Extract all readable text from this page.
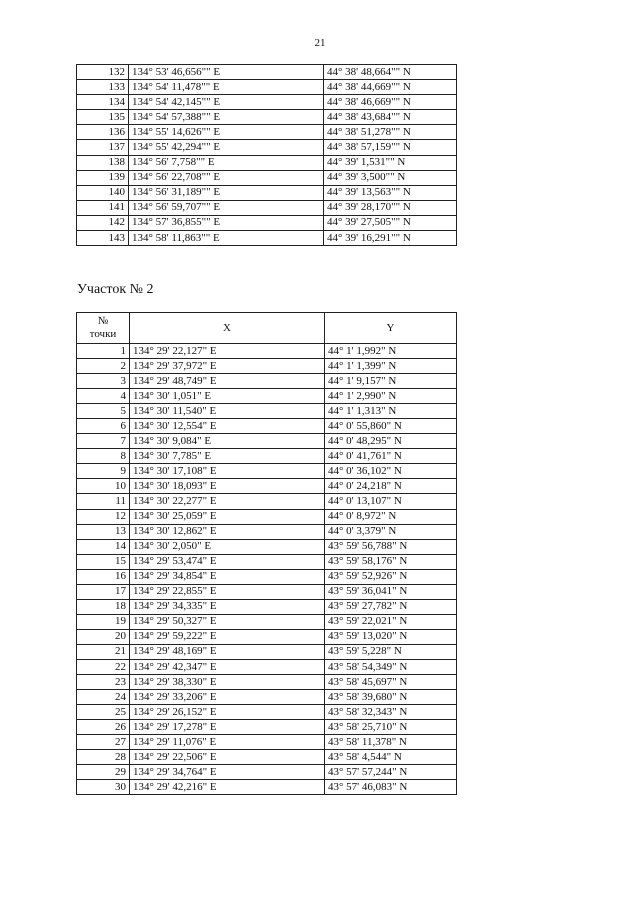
21
132	134° 53' 46,656"" E	44° 38' 48,664"" N
133	134° 54' 11,478"" E	44° 38' 44,669"" N
134	134° 54' 42,145"" E	44° 38' 46,669"" N
135	134° 54' 57,388"" E	44° 38' 43,684"" N
136	134° 55' 14,626"" E	44° 38' 51,278"" N
137	134° 55' 42,294"" E	44° 38' 57,159"" N
138	134° 56' 7,758"" E	44° 39' 1,531"" N
139	134° 56' 22,708"" E	44° 39' 3,500"" N
140	134° 56' 31,189"" E	44° 39' 13,563"" N
141	134° 56' 59,707"" E	44° 39' 28,170"" N
142	134° 57' 36,855"" E	44° 39' 27,505"" N
143	134° 58' 11,863"" E	44° 39' 16,291"" N
Участок № 2
№
точки	X	Y
1	134° 29' 22,127" E	44° 1' 1,992" N
2	134° 29' 37,972" E	44° 1' 1,399" N
3	134° 29' 48,749" E	44° 1' 9,157" N
4	134° 30' 1,051" E	44° 1' 2,990" N
5	134° 30' 11,540" E	44° 1' 1,313" N
6	134° 30' 12,554" E	44° 0' 55,860" N
7	134° 30' 9,084" E	44° 0' 48,295" N
8	134° 30' 7,785" E	44° 0' 41,761" N
9	134° 30' 17,108" E	44° 0' 36,102" N
10	134° 30' 18,093" E	44° 0' 24,218" N
11	134° 30' 22,277" E	44° 0' 13,107" N
12	134° 30' 25,059" E	44° 0' 8,972" N
13	134° 30' 12,862" E	44° 0' 3,379" N
14	134° 30' 2,050" E	43° 59' 56,788" N
15	134° 29' 53,474" E	43° 59' 58,176" N
16	134° 29' 34,854" E	43° 59' 52,926" N
17	134° 29' 22,855" E	43° 59' 36,041" N
18	134° 29' 34,335" E	43° 59' 27,782" N
19	134° 29' 50,327" E	43° 59' 22,021" N
20	134° 29' 59,222" E	43° 59' 13,020" N
21	134° 29' 48,169" E	43° 59' 5,228" N
22	134° 29' 42,347" E	43° 58' 54,349" N
23	134° 29' 38,330" E	43° 58' 45,697" N
24	134° 29' 33,206" E	43° 58' 39,680" N
25	134° 29' 26,152" E	43° 58' 32,343" N
26	134° 29' 17,278" E	43° 58' 25,710" N
27	134° 29' 11,076" E	43° 58' 11,378" N
28	134° 29' 22,506" E	43° 58' 4,544" N
29	134° 29' 34,764" E	43° 57' 57,244" N
30	134° 29' 42,216" E	43° 57' 46,083" N
